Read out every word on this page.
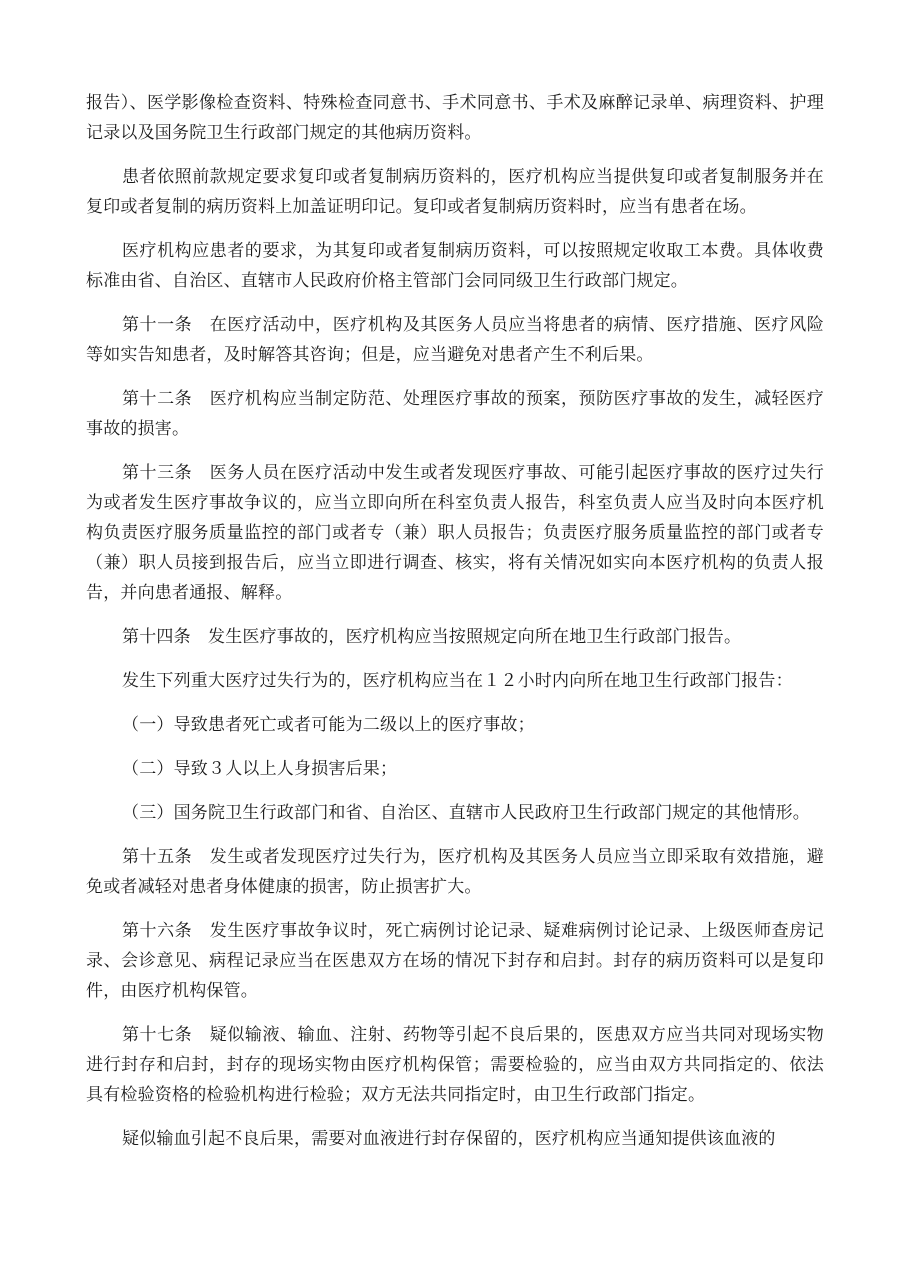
报告）、医学影像检查资料、特殊检查同意书、手术同意书、手术及麻醉记录单、病理资料、护理记录以及国务院卫生行政部门规定的其他病历资料。

患者依照前款规定要求复印或者复制病历资料的，医疗机构应当提供复印或者复制服务并在复印或者复制的病历资料上加盖证明印记。复印或者复制病历资料时，应当有患者在场。

医疗机构应患者的要求，为其复印或者复制病历资料，可以按照规定收取工本费。具体收费标准由省、自治区、直辖市人民政府价格主管部门会同同级卫生行政部门规定。

第十一条　在医疗活动中，医疗机构及其医务人员应当将患者的病情、医疗措施、医疗风险等如实告知患者，及时解答其咨询；但是，应当避免对患者产生不利后果。

第十二条　医疗机构应当制定防范、处理医疗事故的预案，预防医疗事故的发生，减轻医疗事故的损害。

第十三条　医务人员在医疗活动中发生或者发现医疗事故、可能引起医疗事故的医疗过失行为或者发生医疗事故争议的，应当立即向所在科室负责人报告，科室负责人应当及时向本医疗机构负责医疗服务质量监控的部门或者专（兼）职人员报告；负责医疗服务质量监控的部门或者专（兼）职人员接到报告后，应当立即进行调查、核实，将有关情况如实向本医疗机构的负责人报告，并向患者通报、解释。

第十四条　发生医疗事故的，医疗机构应当按照规定向所在地卫生行政部门报告。

发生下列重大医疗过失行为的，医疗机构应当在１２小时内向所在地卫生行政部门报告：

（一）导致患者死亡或者可能为二级以上的医疗事故；

（二）导致３人以上人身损害后果；

（三）国务院卫生行政部门和省、自治区、直辖市人民政府卫生行政部门规定的其他情形。

第十五条　发生或者发现医疗过失行为，医疗机构及其医务人员应当立即采取有效措施，避免或者减轻对患者身体健康的损害，防止损害扩大。

第十六条　发生医疗事故争议时，死亡病例讨论记录、疑难病例讨论记录、上级医师查房记录、会诊意见、病程记录应当在医患双方在场的情况下封存和启封。封存的病历资料可以是复印件，由医疗机构保管。

第十七条　疑似输液、输血、注射、药物等引起不良后果的，医患双方应当共同对现场实物进行封存和启封，封存的现场实物由医疗机构保管；需要检验的，应当由双方共同指定的、依法具有检验资格的检验机构进行检验；双方无法共同指定时，由卫生行政部门指定。

疑似输血引起不良后果，需要对血液进行封存保留的，医疗机构应当通知提供该血液的
